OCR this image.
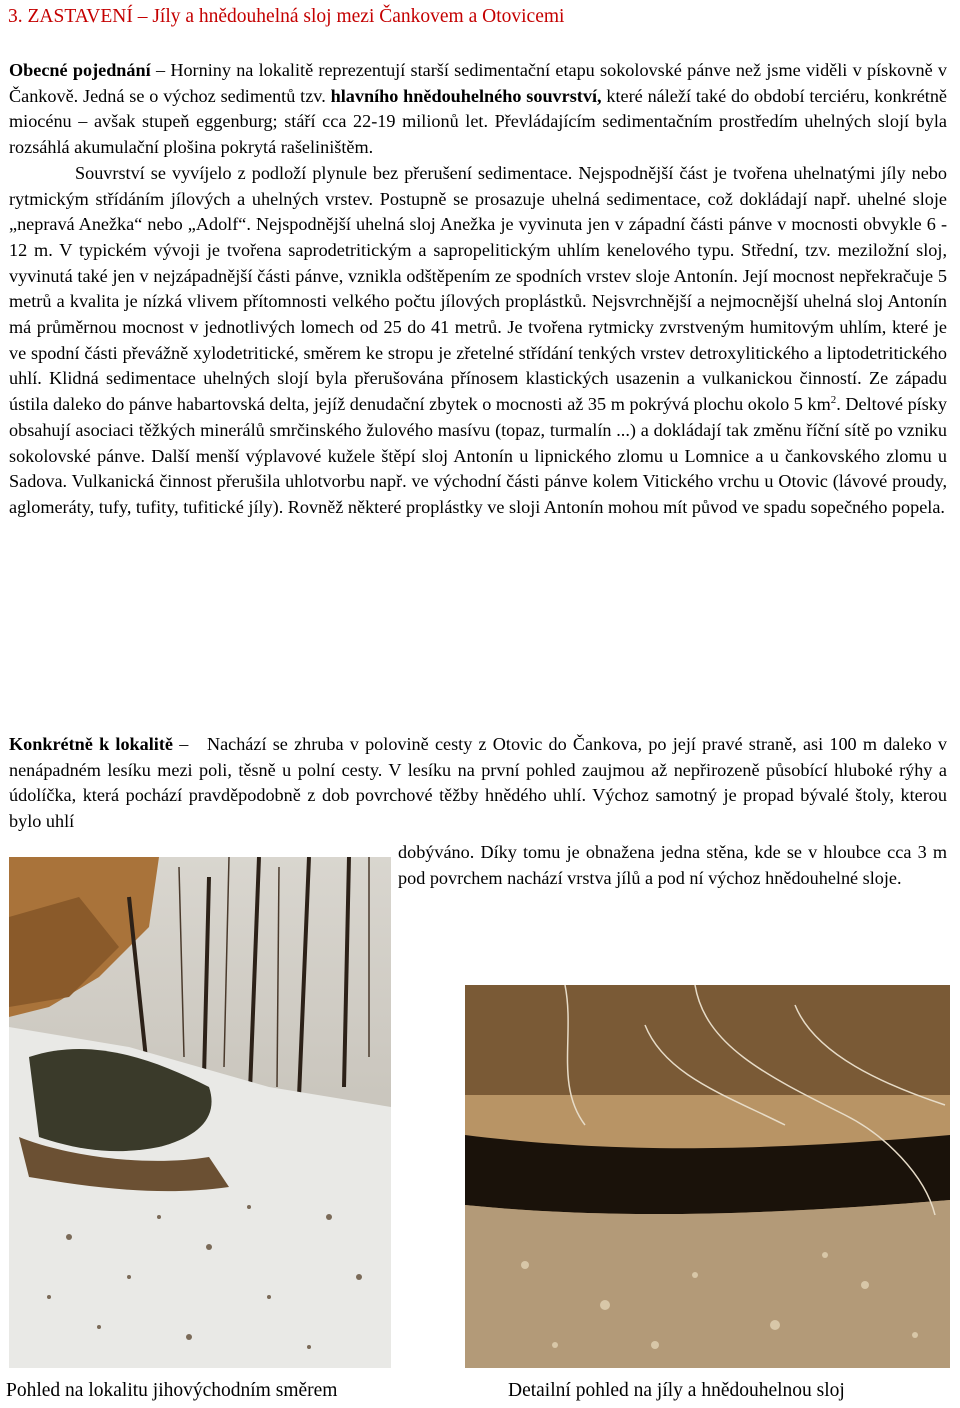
3. ZASTAVENÍ – Jíly a hnědouhelná sloj mezi Čankovem a Otovicemi

Obecné pojednání – Horniny na lokalitě reprezentují starší sedimentační etapu sokolovské pánve než jsme viděli v pískovně v Čankově. Jedná se o výchoz sedimentů tzv. hlavního hnědouhelného souvrství, které náleží také do období terciéru, konkrétně miocénu – avšak stupeň eggenburg; stáří cca 22-19 milionů let. Převládajícím sedimentačním prostředím uhelných slojí byla rozsáhlá akumulační plošina pokrytá rašeliništěm.

Souvrství se vyvíjelo z podloží plynule bez přerušení sedimentace. Nejspodnější část je tvořena uhelnatými jíly nebo rytmickým střídáním jílových a uhelných vrstev. Postupně se prosazuje uhelná sedimentace, což dokládají např. uhelné sloje „nepravá Anežka“ nebo „Adolf“. Nejspodnější uhelná sloj Anežka je vyvinuta jen v západní části pánve v mocnosti obvykle 6 - 12 m. V typickém vývoji je tvořena saprodetritickým a sapropelitickým uhlím kenelového typu. Střední, tzv. meziložní sloj, vyvinutá také jen v nejzápadnější části pánve, vznikla odštěpením ze spodních vrstev sloje Antonín. Její mocnost nepřekračuje 5 metrů a kvalita je nízká vlivem přítomnosti velkého počtu jílových proplástků. Nejsvrchnější a nejmocnější uhelná sloj Antonín má průměrnou mocnost v jednotlivých lomech od 25 do 41 metrů. Je tvořena rytmicky zvrstveným humitovým uhlím, které je ve spodní části převážně xylodetritické, směrem ke stropu je zřetelné střídání tenkých vrstev detroxylitického a liptodetritického uhlí. Klidná sedimentace uhelných slojí byla přerušována přínosem klastických usazenin a vulkanickou činností. Ze západu ústila daleko do pánve habartovská delta, jejíž denudační zbytek o mocnosti až 35 m pokrývá plochu okolo 5 $km^2$. Deltové písky obsahují asociaci těžkých minerálů smrčinského žulového masívu (topaz, turmalín ...) a dokládají tak změnu říční sítě po vzniku sokolovské pánve. Další menší výplavové kužele štěpí sloj Antonín u lipnického zlomu u Lomnice a u čankovského zlomu u Sadova. Vulkanická činnost přerušila uhlotvorbu např. ve východní části pánve kolem Vitického vrchu u Otovic (lávové proudy, aglomeráty, tufy, tufity, tufitické jíly). Rovněž některé proplástky ve sloji Antonín mohou mít původ ve spadu sopečného popela.

Konkrétně k lokalitě –   Nachází se zhruba v polovině cesty z Otovic do Čankova, po její pravé straně, asi 100 m daleko v nenápadném lesíku mezi poli, těsně u polní cesty. V lesíku na první pohled zaujmou až nepřirozeně působící hluboké rýhy a údolíčka, která pochází pravděpodobně z dob povrchové těžby hnědého uhlí. Výchoz samotný je propad bývalé štoly, kterou bylo uhlí

dobýváno. Díky tomu je obnažena jedna stěna, kde se v hloubce cca 3 m pod povrchem nachází vrstva jílů a pod ní výchoz hnědouhelné sloje.
Pohled na lokalitu jihovýchodním směrem	Detailní pohled na jíly a hnědouhelnou sloj
